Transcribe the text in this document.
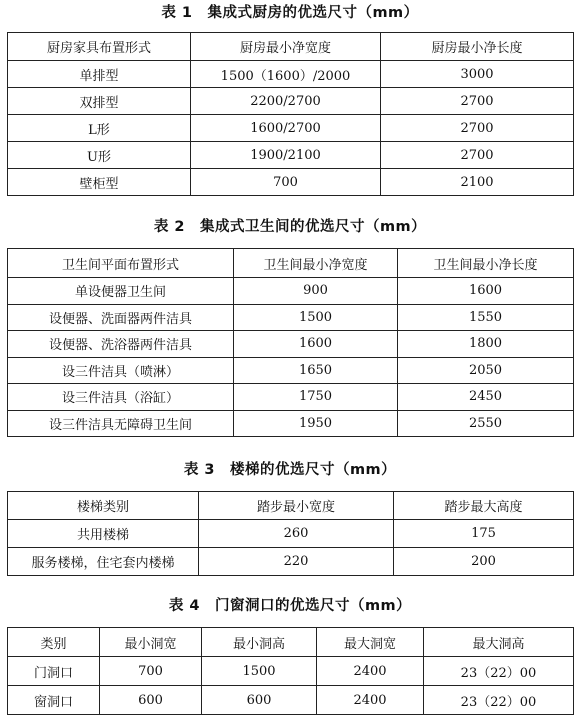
表 1　集成式厨房的优选尺寸（mm）
厨房家具布置形式	厨房最小净宽度	厨房最小净长度
单排型	1500（1600）/2000	3000
双排型	2200/2700	2700
L形	1600/2700	2700
U形	1900/2100	2700
壁柜型	700	2100
表 2　集成式卫生间的优选尺寸（mm）
卫生间平面布置形式	卫生间最小净宽度	卫生间最小净长度
单设便器卫生间	900	1600
设便器、洗面器两件洁具	1500	1550
设便器、洗浴器两件洁具	1600	1800
设三件洁具（喷淋）	1650	2050
设三件洁具（浴缸）	1750	2450
设三件洁具无障碍卫生间	1950	2550
表 3　楼梯的优选尺寸（mm）
楼梯类别	踏步最小宽度	踏步最大高度
共用楼梯	260	175
服务楼梯，住宅套内楼梯	220	200
表 4　门窗洞口的优选尺寸（mm）
类别	最小洞宽	最小洞高	最大洞宽	最大洞高
门洞口	700	1500	2400	23（22）00
窗洞口	600	600	2400	23（22）00
